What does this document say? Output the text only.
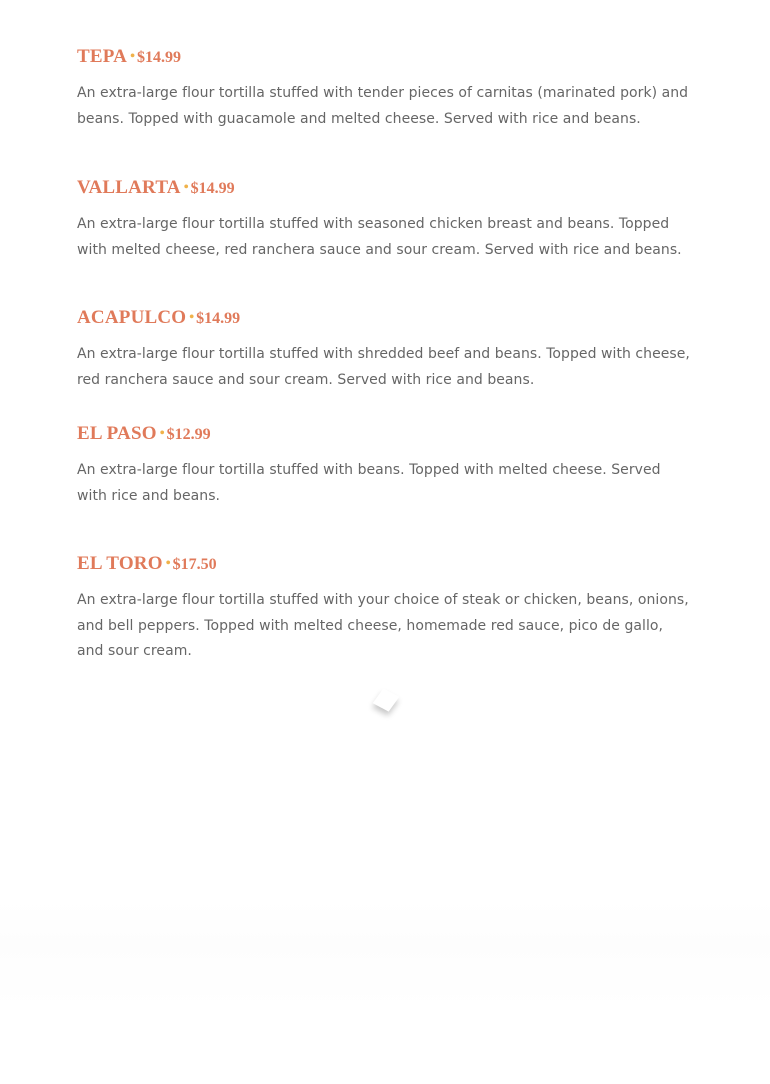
TEPA • $14.99

An extra-large flour tortilla stuffed with tender pieces of carnitas (marinated pork) and beans. Topped with guacamole and melted cheese. Served with rice and beans.

VALLARTA • $14.99

An extra-large flour tortilla stuffed with seasoned chicken breast and beans. Topped with melted cheese, red ranchera sauce and sour cream. Served with rice and beans.

ACAPULCO • $14.99

An extra-large flour tortilla stuffed with shredded beef and beans. Topped with cheese, red ranchera sauce and sour cream. Served with rice and beans.

EL PASO • $12.99

An extra-large flour tortilla stuffed with beans. Topped with melted cheese. Served with rice and beans.

EL TORO • $17.50

An extra-large flour tortilla stuffed with your choice of steak or chicken, beans, onions, and bell peppers. Topped with melted cheese, homemade red sauce, pico de gallo, and sour cream.
